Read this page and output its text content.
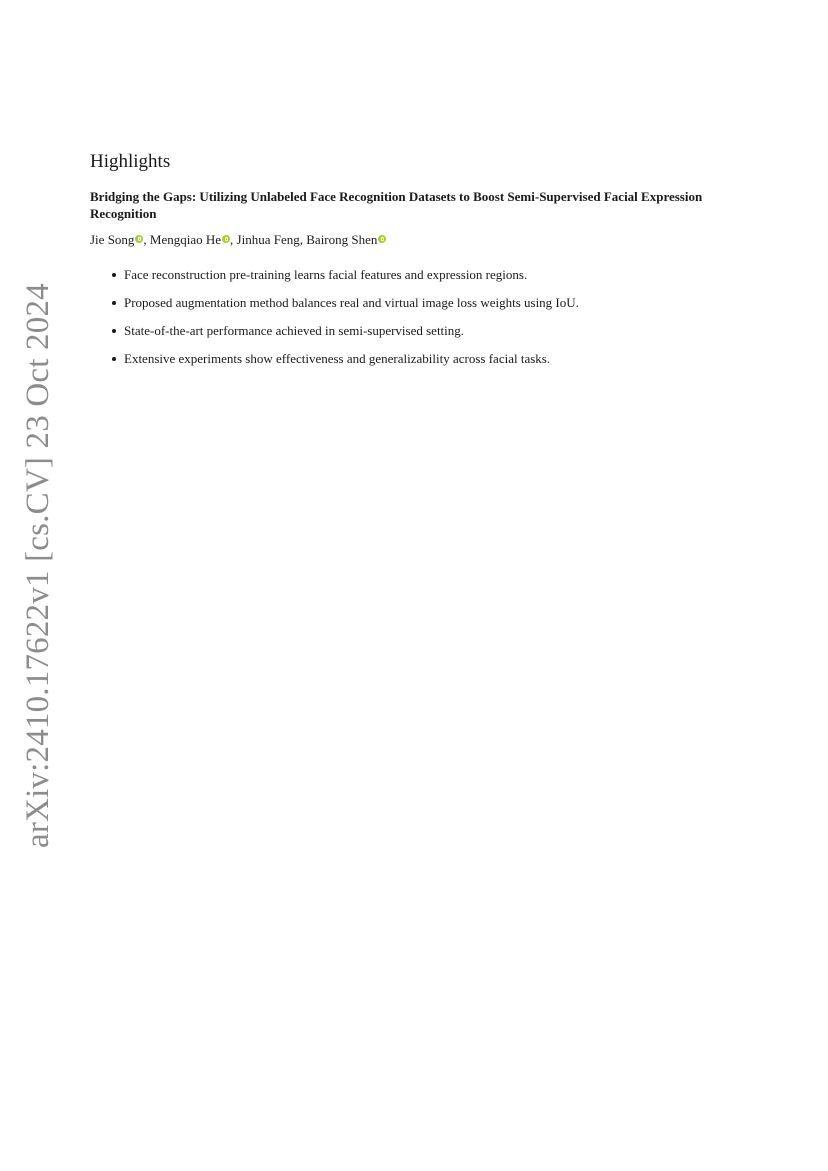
arXiv:2410.17622v1 [cs.CV] 23 Oct 2024
Highlights
Bridging the Gaps: Utilizing Unlabeled Face Recognition Datasets to Boost Semi-Supervised Facial Expression Recognition
Jie Song , Mengqiao He , Jinhua Feng, Bairong Shen
Face reconstruction pre-training learns facial features and expression regions.
Proposed augmentation method balances real and virtual image loss weights using IoU.
State-of-the-art performance achieved in semi-supervised setting.
Extensive experiments show effectiveness and generalizability across facial tasks.
